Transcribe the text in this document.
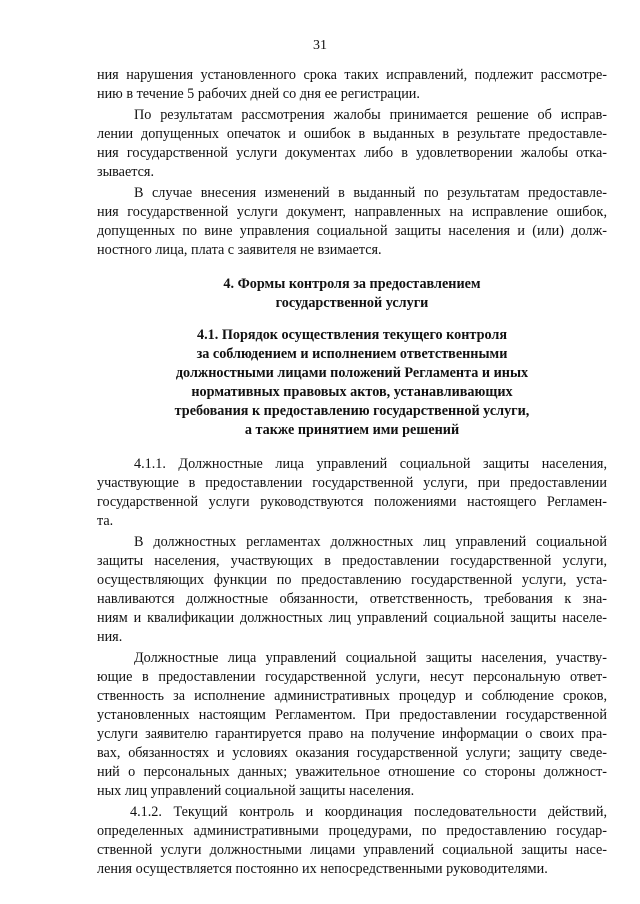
31
ния нарушения установленного срока таких исправлений, подлежит рассмотре-
нию в течение 5 рабочих дней со дня ее регистрации.
По результатам рассмотрения жалобы принимается решение об исправ-
лении допущенных опечаток и ошибок в выданных в результате предоставле-
ния государственной услуги документах либо в удовлетворении жалобы отка-
зывается.
В случае внесения изменений в выданный по результатам предоставле-
ния государственной услуги документ, направленных на исправление ошибок,
допущенных по вине управления социальной защиты населения и (или) долж-
ностного лица, плата с заявителя не взимается.
4. Формы контроля за предоставлением
государственной услуги
4.1. Порядок осуществления текущего контроля
за соблюдением и исполнением ответственными
должностными лицами положений Регламента и иных
нормативных правовых актов, устанавливающих
требования к предоставлению государственной услуги,
а также принятием ими решений
4.1.1. Должностные лица управлений социальной защиты населения,
участвующие в предоставлении государственной услуги, при предоставлении
государственной услуги руководствуются положениями настоящего Регламен-
та.
В должностных регламентах должностных лиц управлений социальной
защиты населения, участвующих в предоставлении государственной услуги,
осуществляющих функции по предоставлению государственной услуги, уста-
навливаются должностные обязанности, ответственность, требования к зна-
ниям и квалификации должностных лиц управлений социальной защиты населе-
ния.
Должностные лица управлений социальной защиты населения, участву-
ющие в предоставлении государственной услуги, несут персональную ответ-
ственность за исполнение административных процедур и соблюдение сроков,
установленных настоящим Регламентом. При предоставлении государственной
услуги заявителю гарантируется право на получение информации о своих пра-
вах, обязанностях и условиях оказания государственной услуги; защиту сведе-
ний о персональных данных; уважительное отношение со стороны должност-
ных лиц управлений социальной защиты населения.
4.1.2. Текущий контроль и координация последовательности действий,
определенных административными процедурами, по предоставлению государ-
ственной услуги должностными лицами управлений социальной защиты насе-
ления осуществляется постоянно их непосредственными руководителями.
